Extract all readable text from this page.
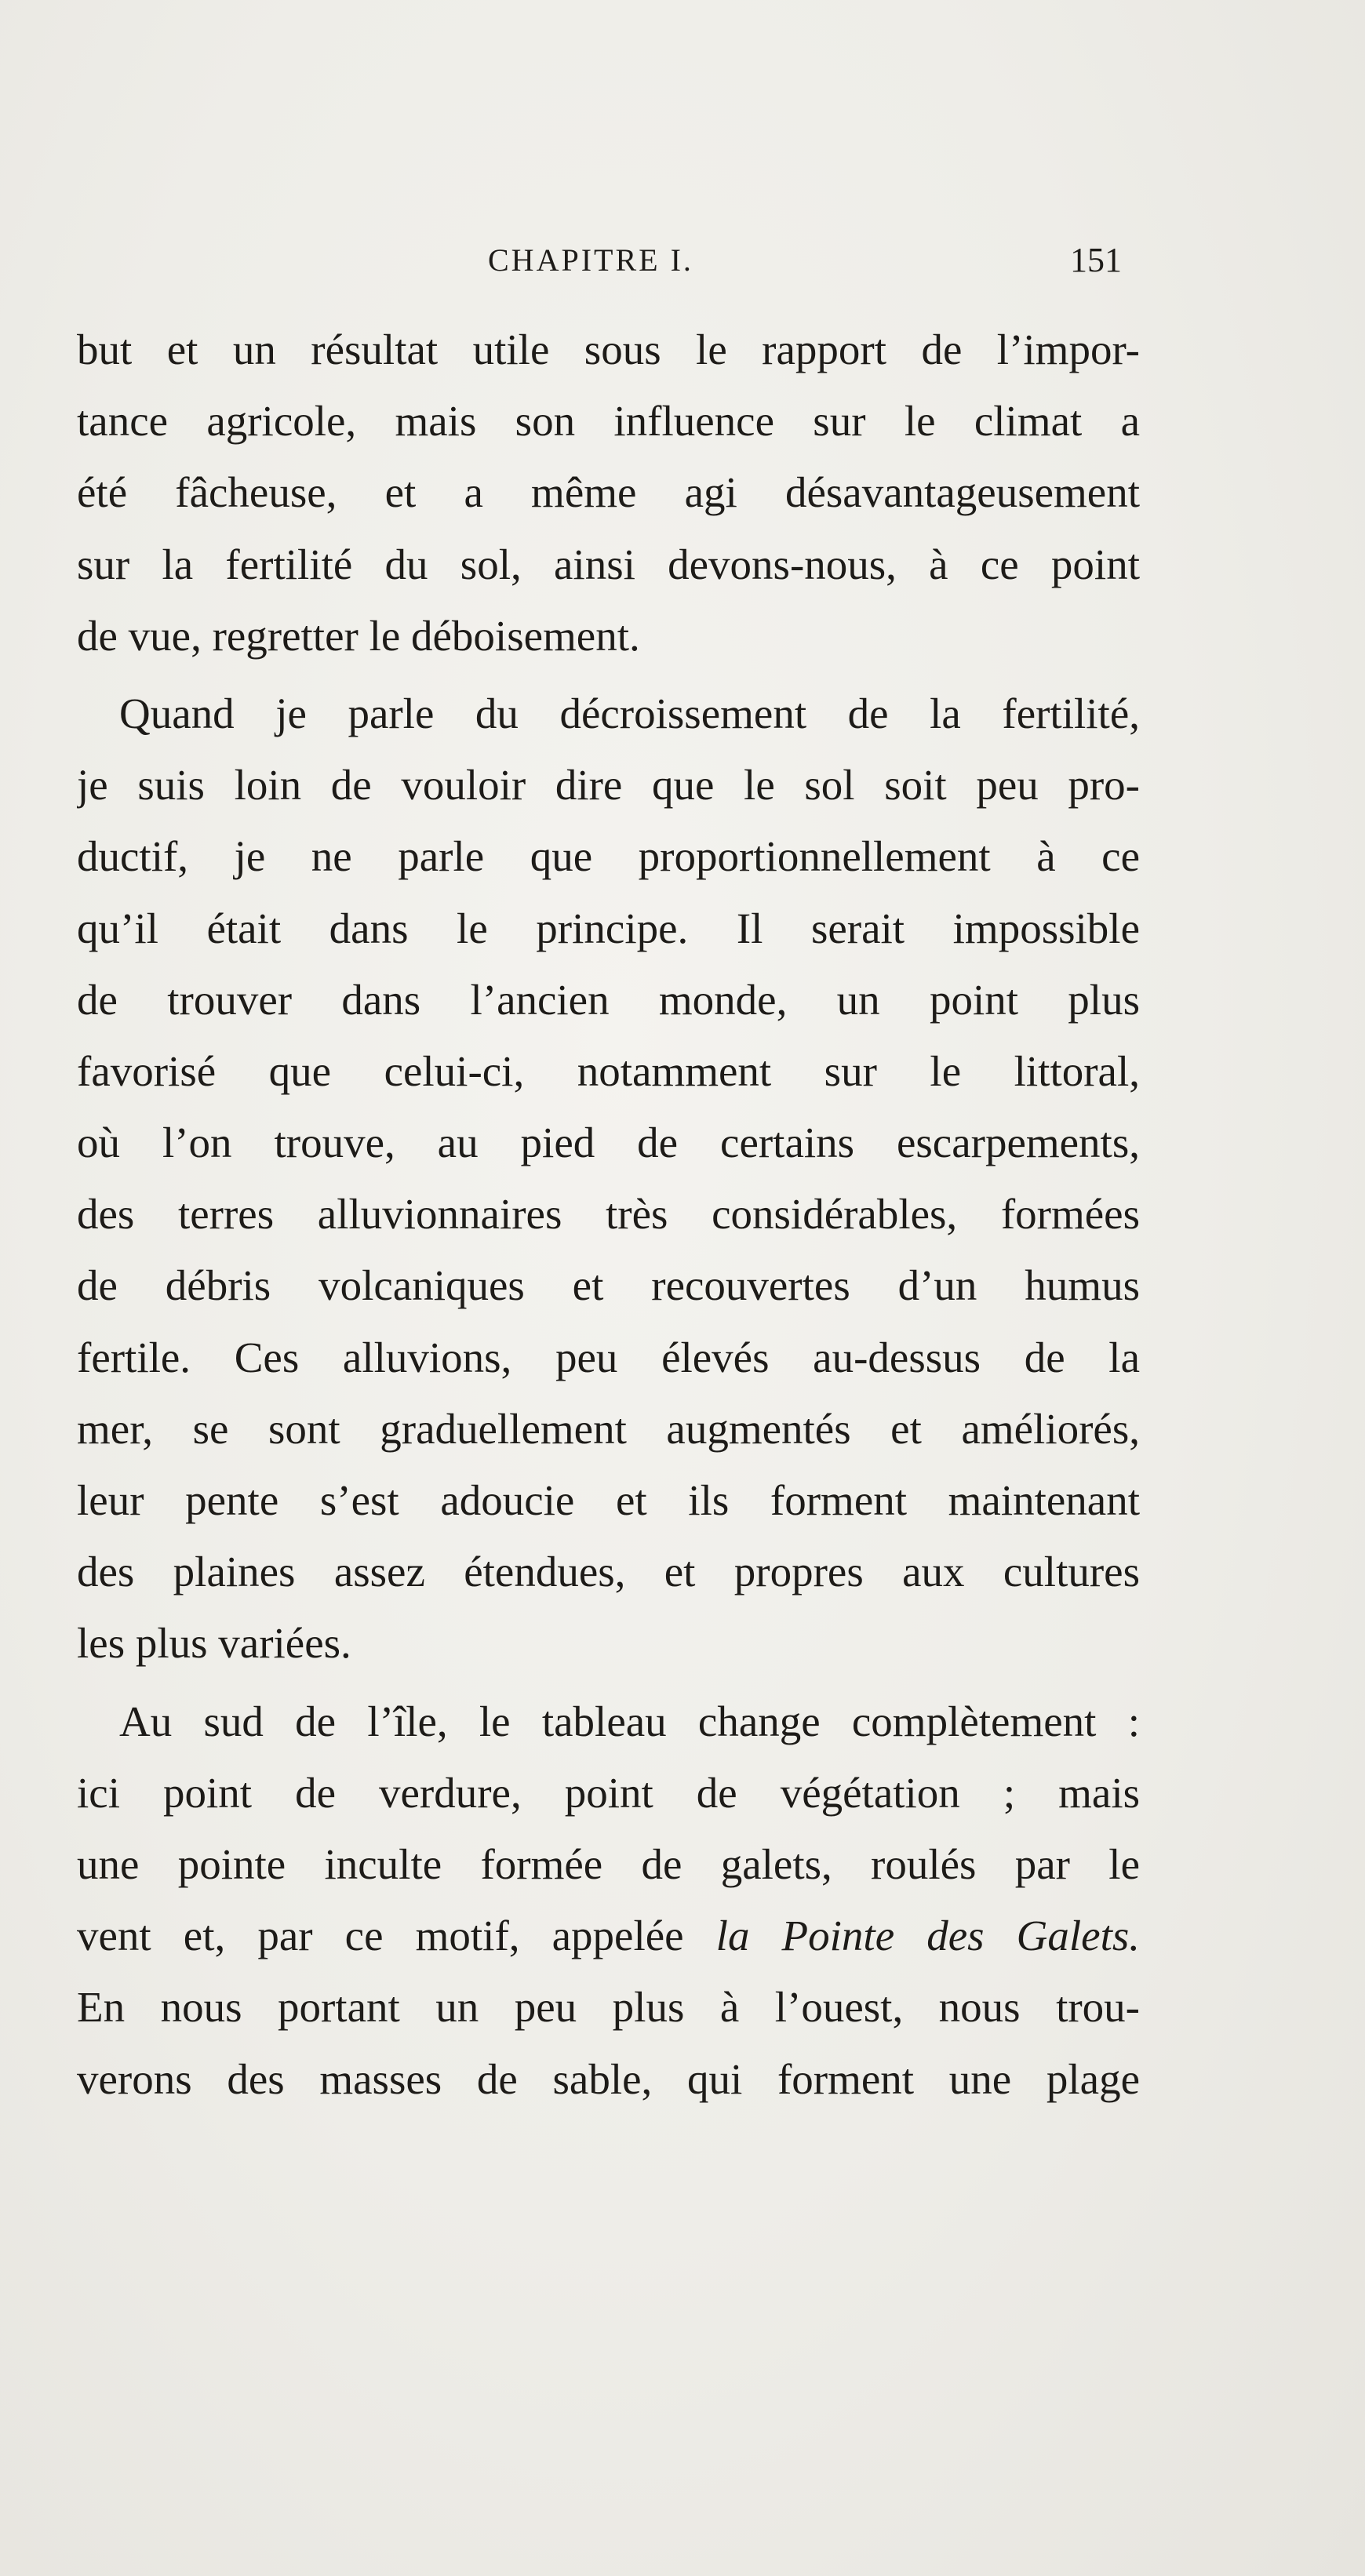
CHAPITRE I.	151
but et un résultat utile sous le rapport de l’impor-
tance agricole, mais son influence sur le climat a
été fâcheuse, et a même agi désavantageusement
sur la fertilité du sol, ainsi devons-nous, à ce point
de vue, regretter le déboisement.
Quand je parle du décroissement de la fertilité,
je suis loin de vouloir dire que le sol soit peu pro-
ductif, je ne parle que proportionnellement à ce
qu’il était dans le principe. Il serait impossible
de trouver dans l’ancien monde, un point plus
favorisé que celui-ci, notamment sur le littoral,
où l’on trouve, au pied de certains escarpements,
des terres alluvionnaires très considérables, formées
de débris volcaniques et recouvertes d’un humus
fertile. Ces alluvions, peu élevés au-dessus de la
mer, se sont graduellement augmentés et améliorés,
leur pente s’est adoucie et ils forment maintenant
des plaines assez étendues, et propres aux cultures
les plus variées.
Au sud de l’île, le tableau change complètement :
ici point de verdure, point de végétation ; mais
une pointe inculte formée de galets, roulés par le
vent et, par ce motif, appelée la Pointe des Galets.
En nous portant un peu plus à l’ouest, nous trou-
verons des masses de sable, qui forment une plage
